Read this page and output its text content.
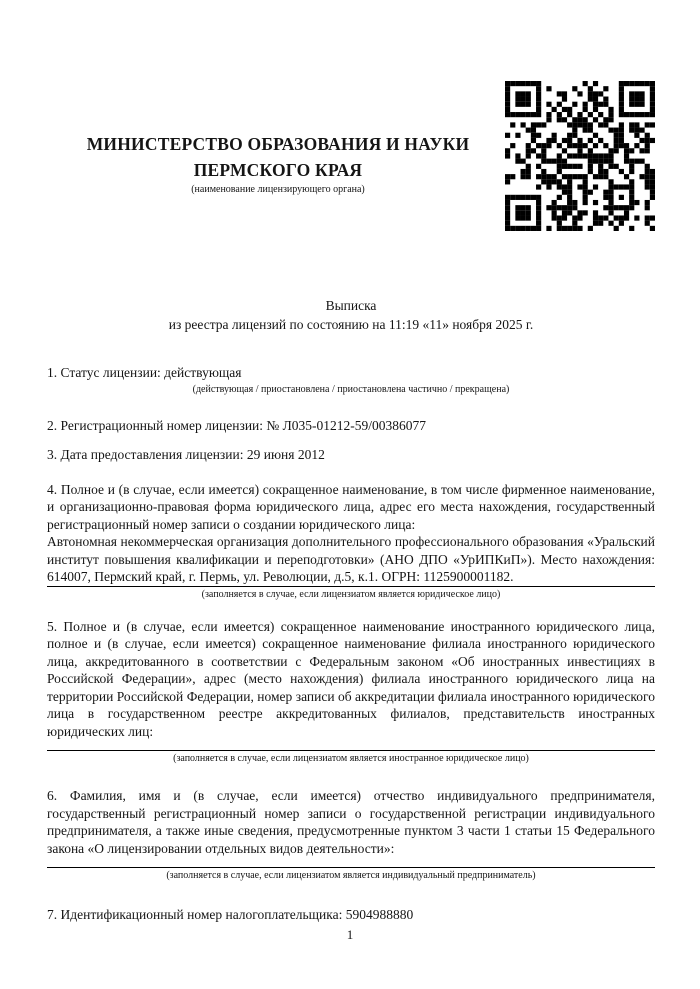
МИНИСТЕРСТВО ОБРАЗОВАНИЯ И НАУКИ
ПЕРМСКОГО КРАЯ
(наименование лицензирующего органа)
Выписка
из реестра лицензий по состоянию на 11:19 «11» ноября 2025 г.

1. Статус лицензии: действующая

(действующая / приостановлена / приостановлена частично / прекращена)

2. Регистрационный номер лицензии: № Л035-01212-59/00386077

3. Дата предоставления лицензии: 29 июня 2012

4. Полное и (в случае, если имеется) сокращенное наименование, в том числе фирменное наименование, и организационно-правовая форма юридического лица, адрес его места нахождения, государственный регистрационный номер записи о создании юридического лица:
Автономная некоммерческая организация дополнительного профессионального образования «Уральский институт повышения квалификации и переподготовки» (АНО ДПО «УрИПКиП»). Место нахождения: 614007, Пермский край, г. Пермь, ул. Революции, д.5, к.1. ОГРН: 1125900001182.

(заполняется в случае, если лицензиатом является юридическое лицо)

5. Полное и (в случае, если имеется) сокращенное наименование иностранного юридического лица, полное и (в случае, если имеется) сокращенное наименование филиала иностранного юридического лица, аккредитованного в соответствии с Федеральным законом «Об иностранных инвестициях в Российской Федерации», адрес (место нахождения) филиала иностранного юридического лица на территории Российской Федерации, номер записи об аккредитации филиала иностранного юридического лица в государственном реестре аккредитованных филиалов, представительств иностранных юридических лиц:

(заполняется в случае, если лицензиатом является иностранное юридическое лицо)

6. Фамилия, имя и (в случае, если имеется) отчество индивидуального предпринимателя, государственный регистрационный номер записи о государственной регистрации индивидуального предпринимателя, а также иные сведения, предусмотренные пунктом 3 части 1 статьи 15 Федерального закона «О лицензировании отдельных видов деятельности»:

(заполняется в случае, если лицензиатом является индивидуальный предприниматель)

7. Идентификационный номер налогоплательщика: 5904988880

1
